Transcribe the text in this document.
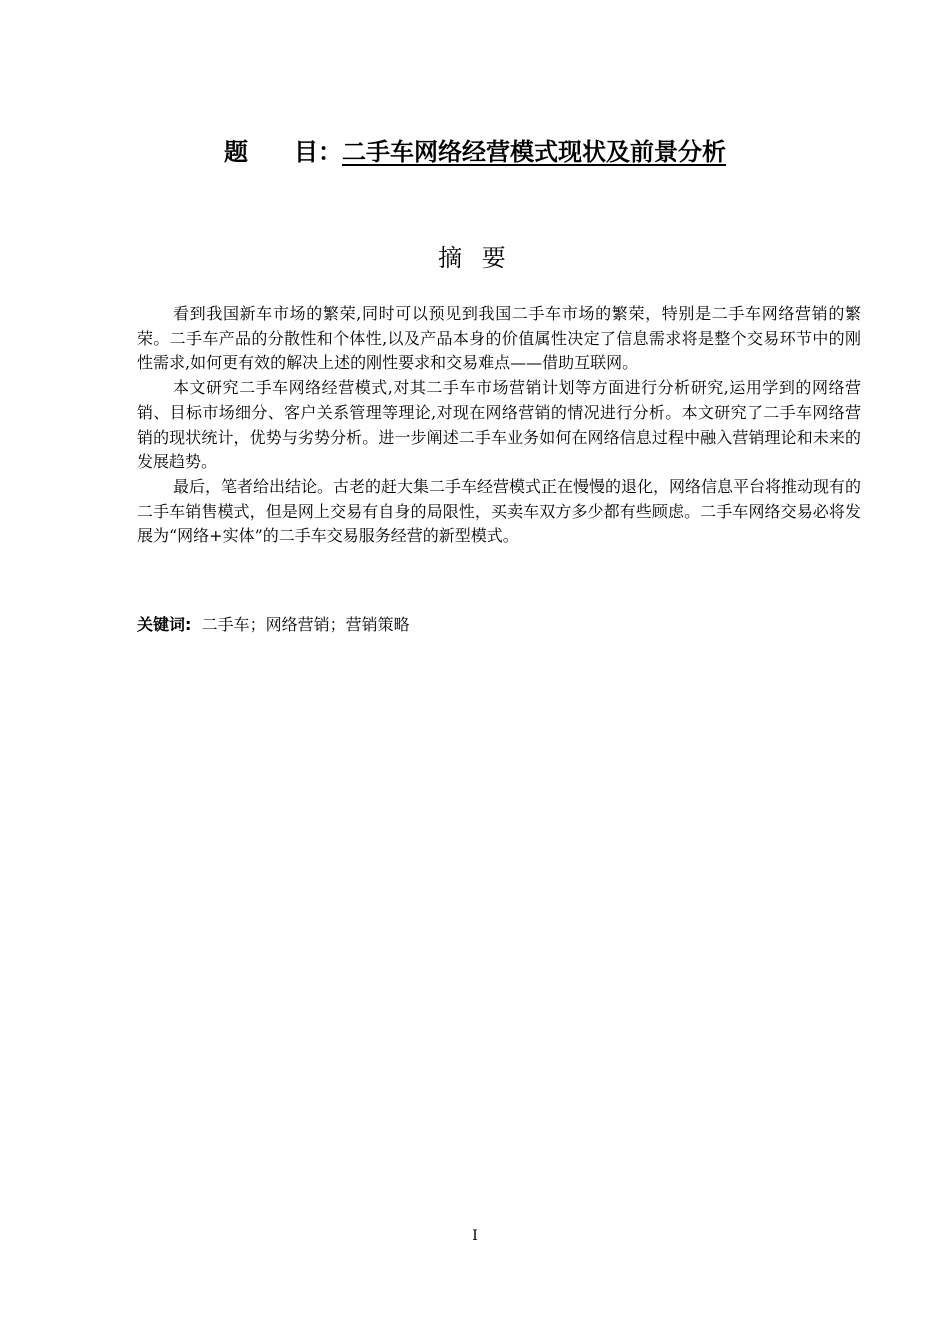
题 目：二手车网络经营模式现状及前景分析
摘 要

看到我国新车市场的繁荣,同时可以预见到我国二手车市场的繁荣，特别是二手车网络营销的繁荣。二手车产品的分散性和个体性,以及产品本身的价值属性决定了信息需求将是整个交易环节中的刚性需求,如何更有效的解决上述的刚性要求和交易难点——借助互联网。

本文研究二手车网络经营模式,对其二手车市场营销计划等方面进行分析研究,运用学到的网络营销、目标市场细分、客户关系管理等理论,对现在网络营销的情况进行分析。本文研究了二手车网络营销的现状统计，优势与劣势分析。进一步阐述二手车业务如何在网络信息过程中融入营销理论和未来的发展趋势。

最后，笔者给出结论。古老的赶大集二手车经营模式正在慢慢的退化，网络信息平台将推动现有的二手车销售模式，但是网上交易有自身的局限性，买卖车双方多少都有些顾虑。二手车网络交易必将发展为“网络+实体”的二手车交易服务经营的新型模式。

关键词: 二手车；网络营销；营销策略
I
